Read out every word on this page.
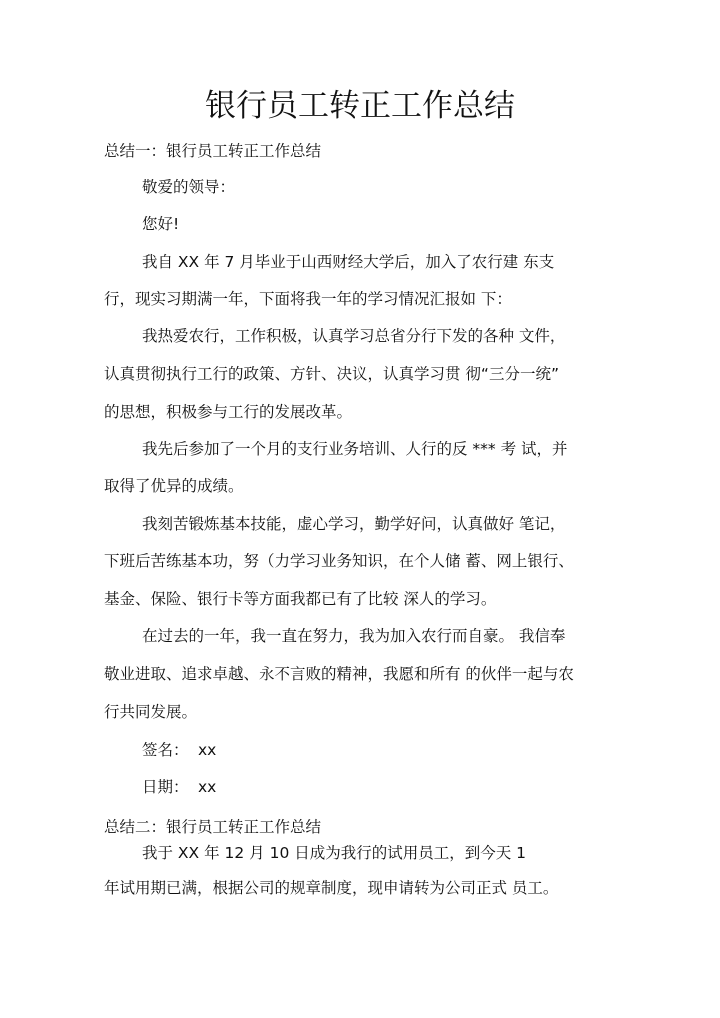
银行员工转正工作总结
总结一：银行员工转正工作总结
敬爱的领导：
您好!
我自 XX 年 7 月毕业于山西财经大学后，加入了农行建 东支
行，现实习期满一年，下面将我一年的学习情况汇报如 下：
我热爱农行，工作积极，认真学习总省分行下发的各种 文件，
认真贯彻执行工行的政策、方针、决议，认真学习贯 彻“三分一统”
的思想，积极参与工行的发展改革。
我先后参加了一个月的支行业务培训、人行的反 *** 考 试，并
取得了优异的成绩。
我刻苦锻炼基本技能，虚心学习，勤学好问，认真做好 笔记，
下班后苦练基本功，努（力学习业务知识，在个人储 蓄、网上银行、
基金、保险、银行卡等方面我都已有了比较 深人的学习。
在过去的一年，我一直在努力，我为加入农行而自豪。 我信奉
敬业进取、追求卓越、永不言败的精神，我愿和所有 的伙伴一起与农
行共同发展。
签名： xx
日期： xx
总结二：银行员工转正工作总结
我于 XX 年 12 月 10 日成为我行的试用员工，到今天 1
年试用期已满，根据公司的规章制度，现申请转为公司正式 员工。
